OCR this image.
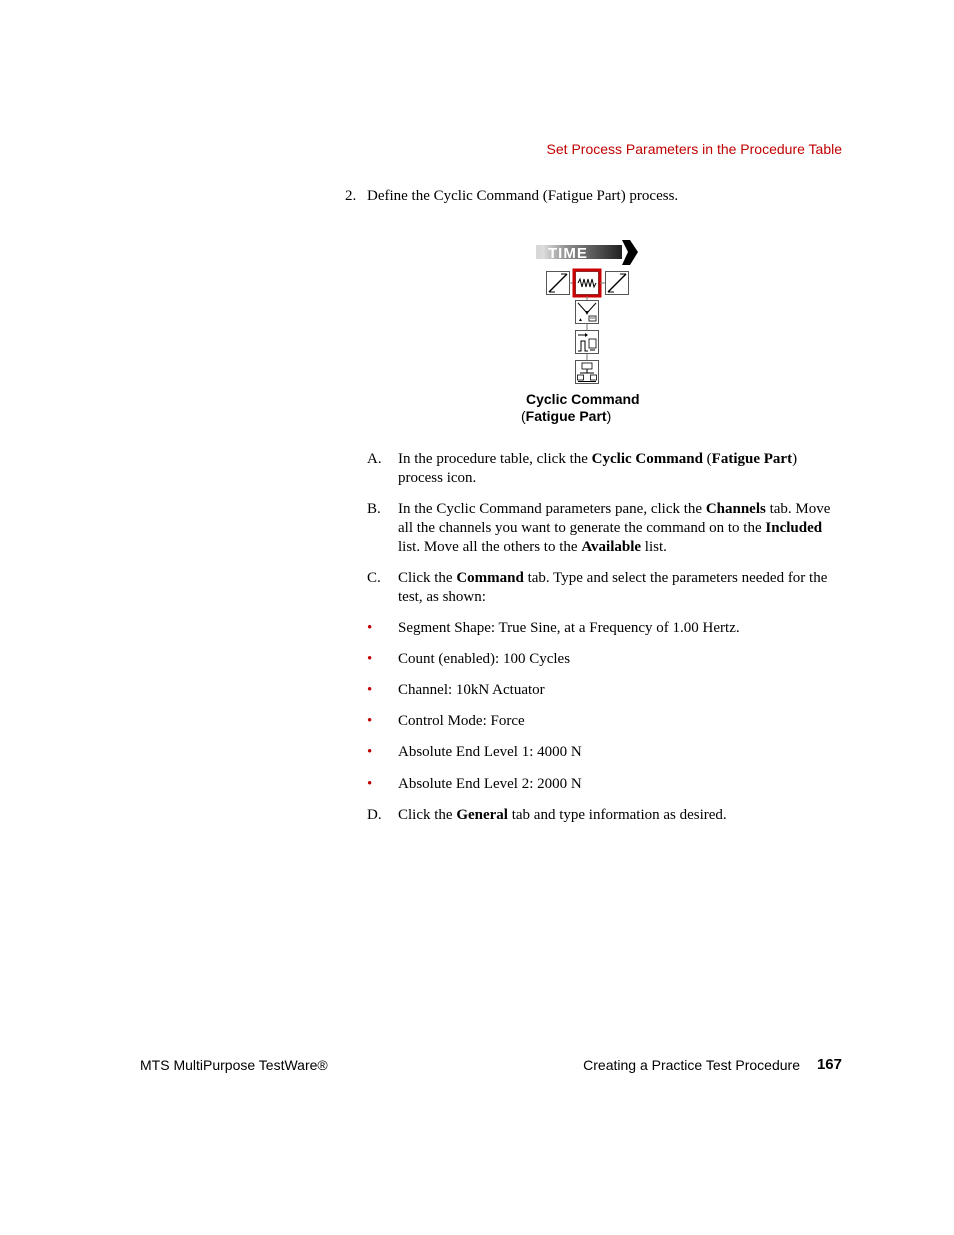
Set Process Parameters in the Procedure Table
2. Define the Cyclic Command (Fatigue Part) process.
TIME
▲
Cyclic Command
(Fatigue Part)
A. In the procedure table, click the Cyclic Command (Fatigue Part) process icon.
B. In the Cyclic Command parameters pane, click the Channels tab. Move all the channels you want to generate the command on to the Included list. Move all the others to the Available list.
C. Click the Command tab. Type and select the parameters needed for the test, as shown:
• Segment Shape: True Sine, at a Frequency of 1.00 Hertz.
• Count (enabled): 100 Cycles
• Channel: 10kN Actuator
• Control Mode: Force
• Absolute End Level 1: 4000 N
• Absolute End Level 2: 2000 N
D. Click the General tab and type information as desired.
MTS MultiPurpose TestWare®	Creating a Practice Test Procedure 167
